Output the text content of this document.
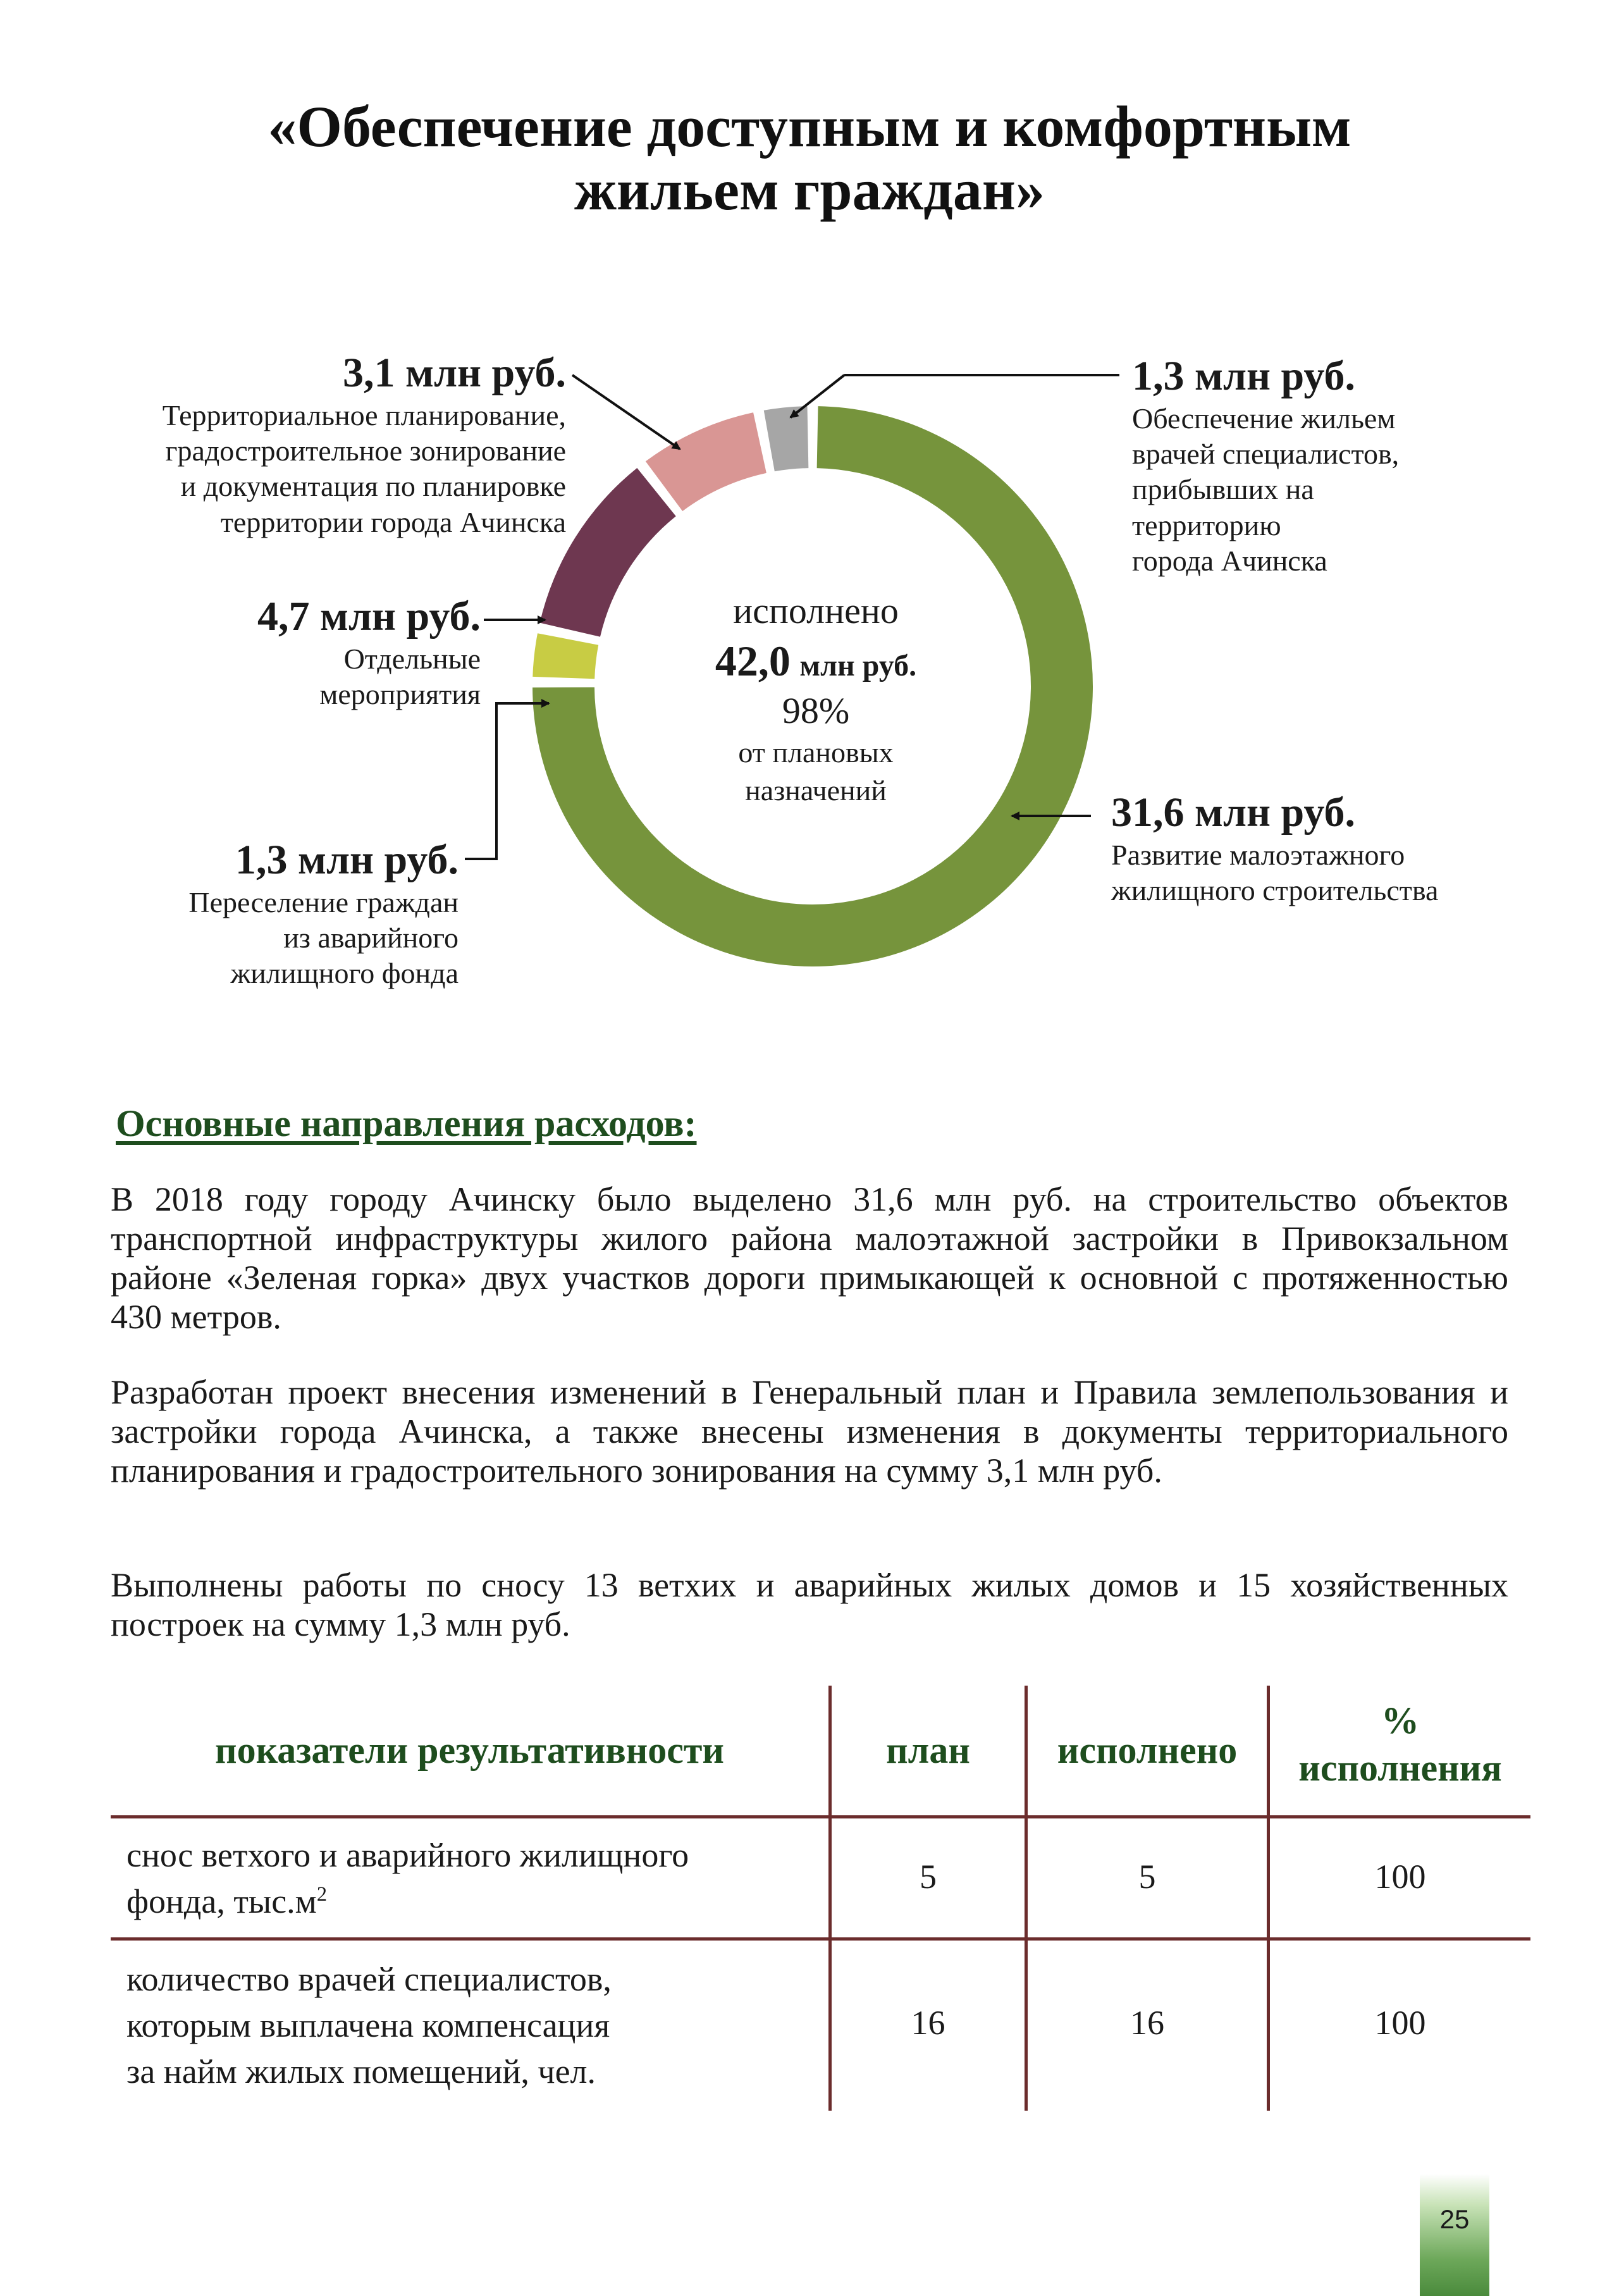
«Обеспечение доступным и комфортным
жильем граждан»
исполнено
42,0 млн руб.
98%
от плановых
назначений
3,1 млн руб.
Территориальное планирование,
градостроительное зонирование
и документация по планировке
территории города Ачинска
4,7 млн руб.
Отдельные
мероприятия
1,3 млн руб.
Переселение граждан
из аварийного
жилищного фонда
1,3 млн руб.
Обеспечение жильем
врачей специалистов,
прибывших на
территорию
города Ачинска
31,6 млн руб.
Развитие малоэтажного
жилищного строительства
Основные направления расходов:
В 2018 году городу Ачинску было выделено 31,6 млн руб. на строительство объектов транспортной инфраструктуры жилого района малоэтажной застройки в Привокзальном районе «Зеленая горка» двух участков дороги примыкающей к основной с протяженностью 430 метров.
Разработан проект внесения изменений в Генеральный план и Правила землепользования и застройки города Ачинска, а также внесены изменения в документы территориального планирования и градостроительного зонирования на сумму 3,1 млн руб.
Выполнены работы по сносу 13 ветхих и аварийных жилых домов и 15 хозяйственных построек на сумму 1,3 млн руб.
показатели результативности	план	исполнено
%
исполнения
снос ветхого и аварийного жилищного
фонда, $тыс.м^2$	5	5	100
количество врачей специалистов,
которым выплачена компенсация
за найм жилых помещений, чел.
16	16	100
25
